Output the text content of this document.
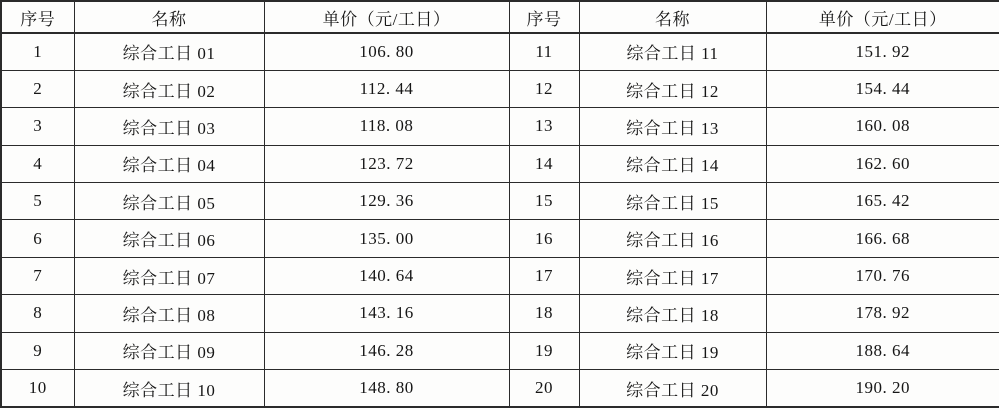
序号	名称	单价（元/工日）	序号	名称	单价（元/工日）
1	综合工日 01	106. 80	11	综合工日 11	151. 92
2	综合工日 02	112. 44	12	综合工日 12	154. 44
3	综合工日 03	118. 08	13	综合工日 13	160. 08
4	综合工日 04	123. 72	14	综合工日 14	162. 60
5	综合工日 05	129. 36	15	综合工日 15	165. 42
6	综合工日 06	135. 00	16	综合工日 16	166. 68
7	综合工日 07	140. 64	17	综合工日 17	170. 76
8	综合工日 08	143. 16	18	综合工日 18	178. 92
9	综合工日 09	146. 28	19	综合工日 19	188. 64
10	综合工日 10	148. 80	20	综合工日 20	190. 20
